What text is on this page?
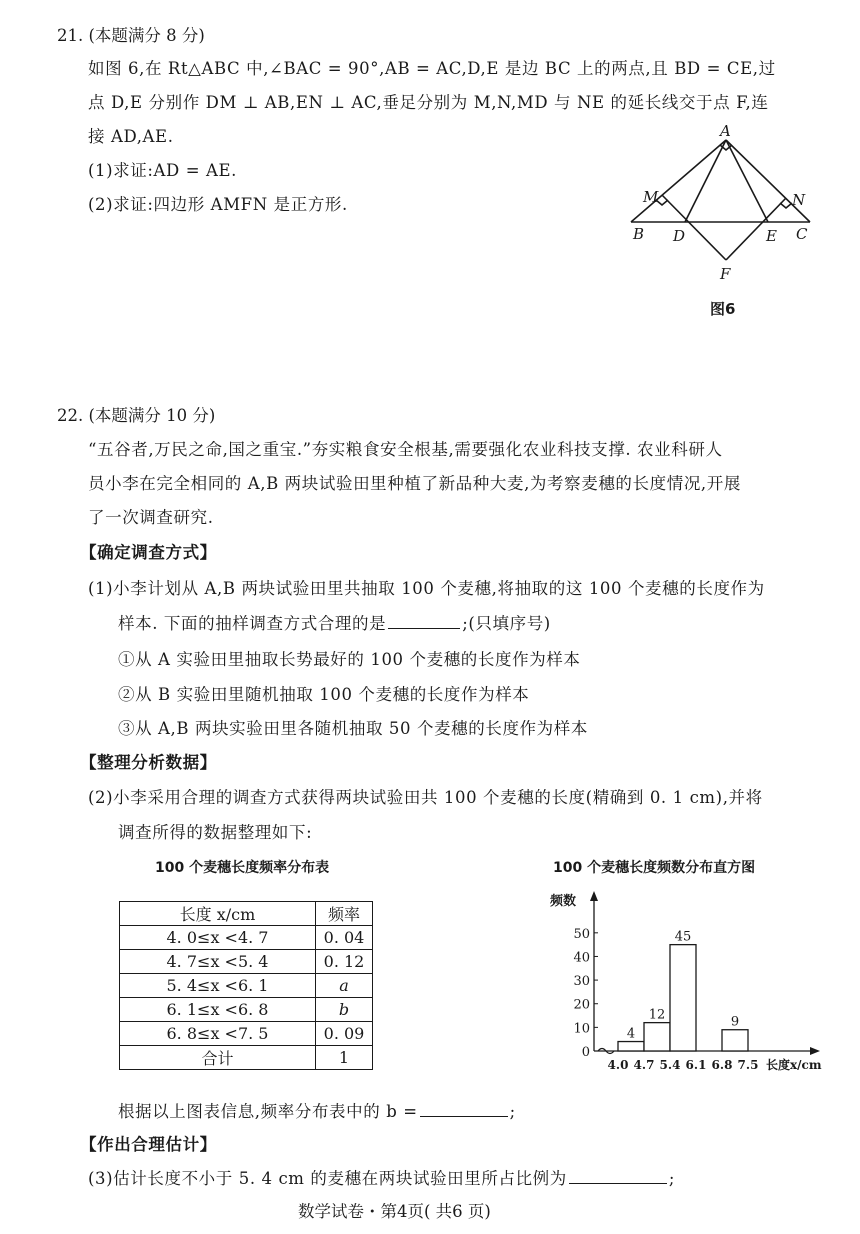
21. (本题满分 8 分)
如图 6,在 Rt△ABC 中,∠BAC = 90°,AB = AC,D,E 是边 BC 上的两点,且 BD = CE,过
点 D,E 分别作 DM ⊥ AB,EN ⊥ AC,垂足分别为 M,N,MD 与 NE 的延长线交于点 F,连
接 AD,AE.
(1)求证:AD = AE.
(2)求证:四边形 AMFN 是正方形.
A
M	N
B D	E C
F
图6
22. (本题满分 10 分)
“五谷者,万民之命,国之重宝.”夯实粮食安全根基,需要强化农业科技支撑. 农业科研人
员小李在完全相同的 A,B 两块试验田里种植了新品种大麦,为考察麦穗的长度情况,开展
了一次调查研究.
【确定调查方式】
(1)小李计划从 A,B 两块试验田里共抽取 100 个麦穗,将抽取的这 100 个麦穗的长度作为
样本. 下面的抽样调查方式合理的是	;(只填序号)
①从 A 实验田里抽取长势最好的 100 个麦穗的长度作为样本
②从 B 实验田里随机抽取 100 个麦穗的长度作为样本
③从 A,B 两块实验田里各随机抽取 50 个麦穗的长度作为样本
【整理分析数据】
(2)小李采用合理的调查方式获得两块试验田共 100 个麦穗的长度(精确到 0. 1 cm),并将
调查所得的数据整理如下:
100 个麦穗长度频率分布表	100 个麦穗长度频数分布直方图
长度 x/cm	频率
4. 0≤x <4. 7	0. 04
4. 7≤x <5. 4	0. 12
5. 4≤x <6. 1	a
6. 1≤x <6. 8	b
6. 8≤x <7. 5	0. 09
合计	1	0
10
20
30
40
50
频数
4
12
45
9
4.0 4.7 5.4 6.1 6.8 7.5 长度x/cm
根据以上图表信息,频率分布表中的 b =	;
【作出合理估计】
(3)估计长度不小于 5. 4 cm 的麦穗在两块试验田里所占比例为	;
数学试卷・第4页( 共6 页)
